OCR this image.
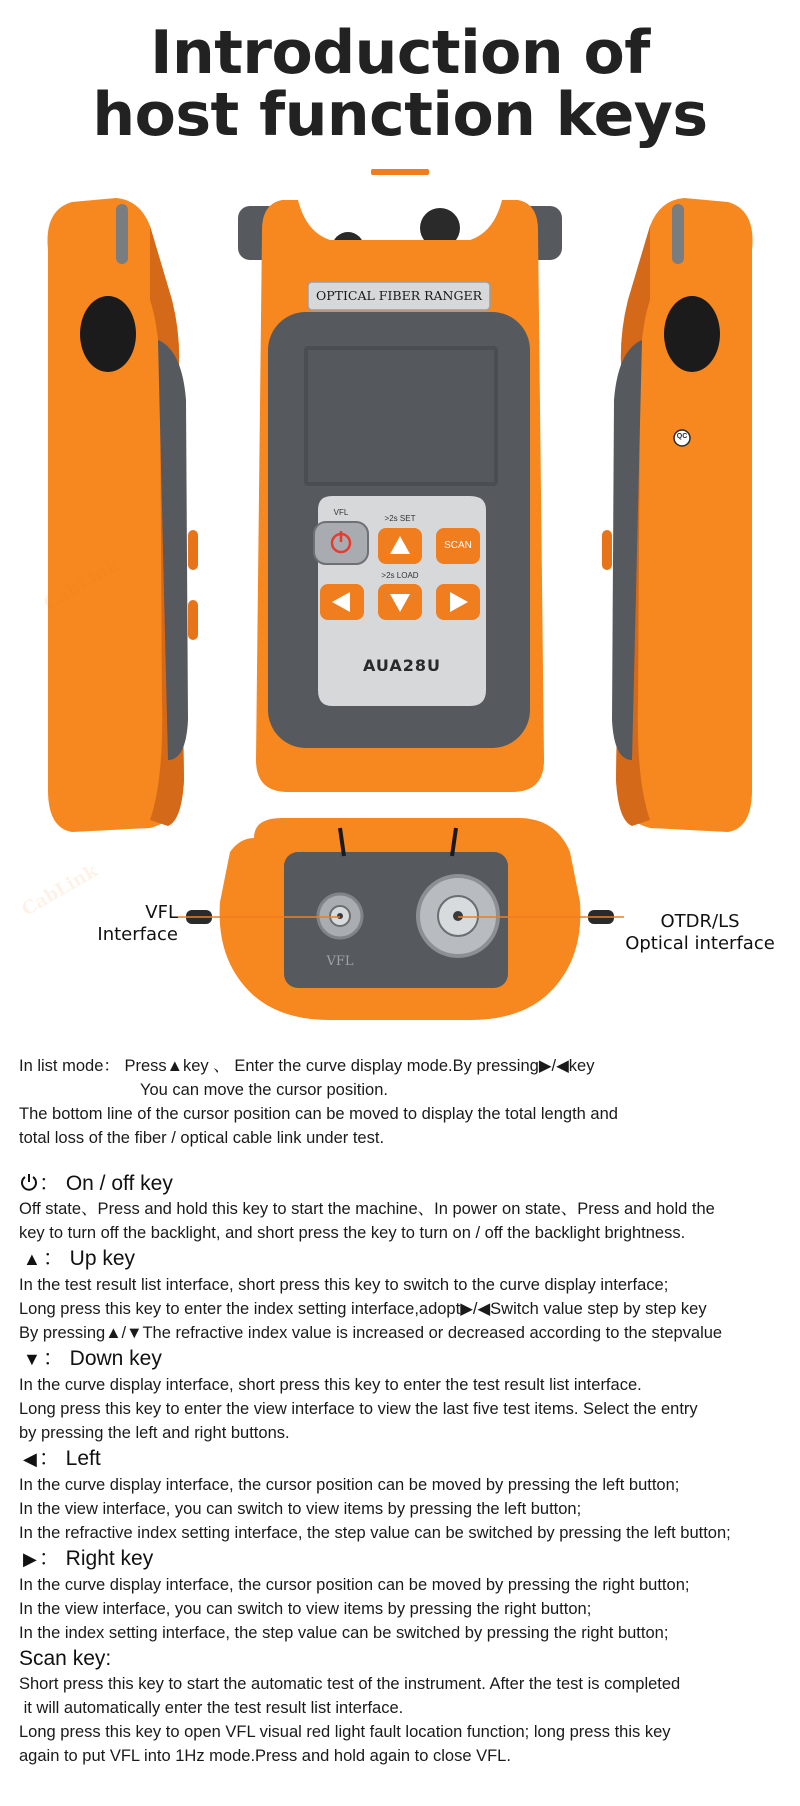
Introduction of
host function keys
OPTICAL FIBER RANGER
VFL
>2s SET
SCAN
>2s LOAD
AUA28U
QC
VFL
CabLink
CabLink	VFL
Interface
OTDR/LS
Optical interface
In list mode： Press▲key 、 Enter the curve display mode.By pressing▶/◀key
You can move the cursor position.
The bottom line of the cursor position can be moved to display the total length and
total loss of the fiber / optical cable link under test.
： On / off key
Off state、Press and hold this key to start the machine、In power on state、Press and hold the
key to turn off the backlight, and short press the key to turn on / off the backlight brightness.
▲： Up key
In the test result list interface, short press this key to switch to the curve display interface;
Long press this key to enter the index setting interface,adopt▶/◀Switch value step by step key
By pressing▲/▼The refractive index value is increased or decreased according to the stepvalue
▼： Down key
In the curve display interface, short press this key to enter the test result list interface.
Long press this key to enter the view interface to view the last five test items. Select the entry
by pressing the left and right buttons.
◀： Left
In the curve display interface, the cursor position can be moved by pressing the left button;
In the view interface, you can switch to view items by pressing the left button;
In the refractive index setting interface, the step value can be switched by pressing the left button;
▶： Right key
In the curve display interface, the cursor position can be moved by pressing the right button;
In the view interface, you can switch to view items by pressing the right button;
In the index setting interface, the step value can be switched by pressing the right button;
Scan key:
Short press this key to start the automatic test of the instrument. After the test is completed
it will automatically enter the test result list interface.
Long press this key to open VFL visual red light fault location function; long press this key
again to put VFL into 1Hz mode.Press and hold again to close VFL.
